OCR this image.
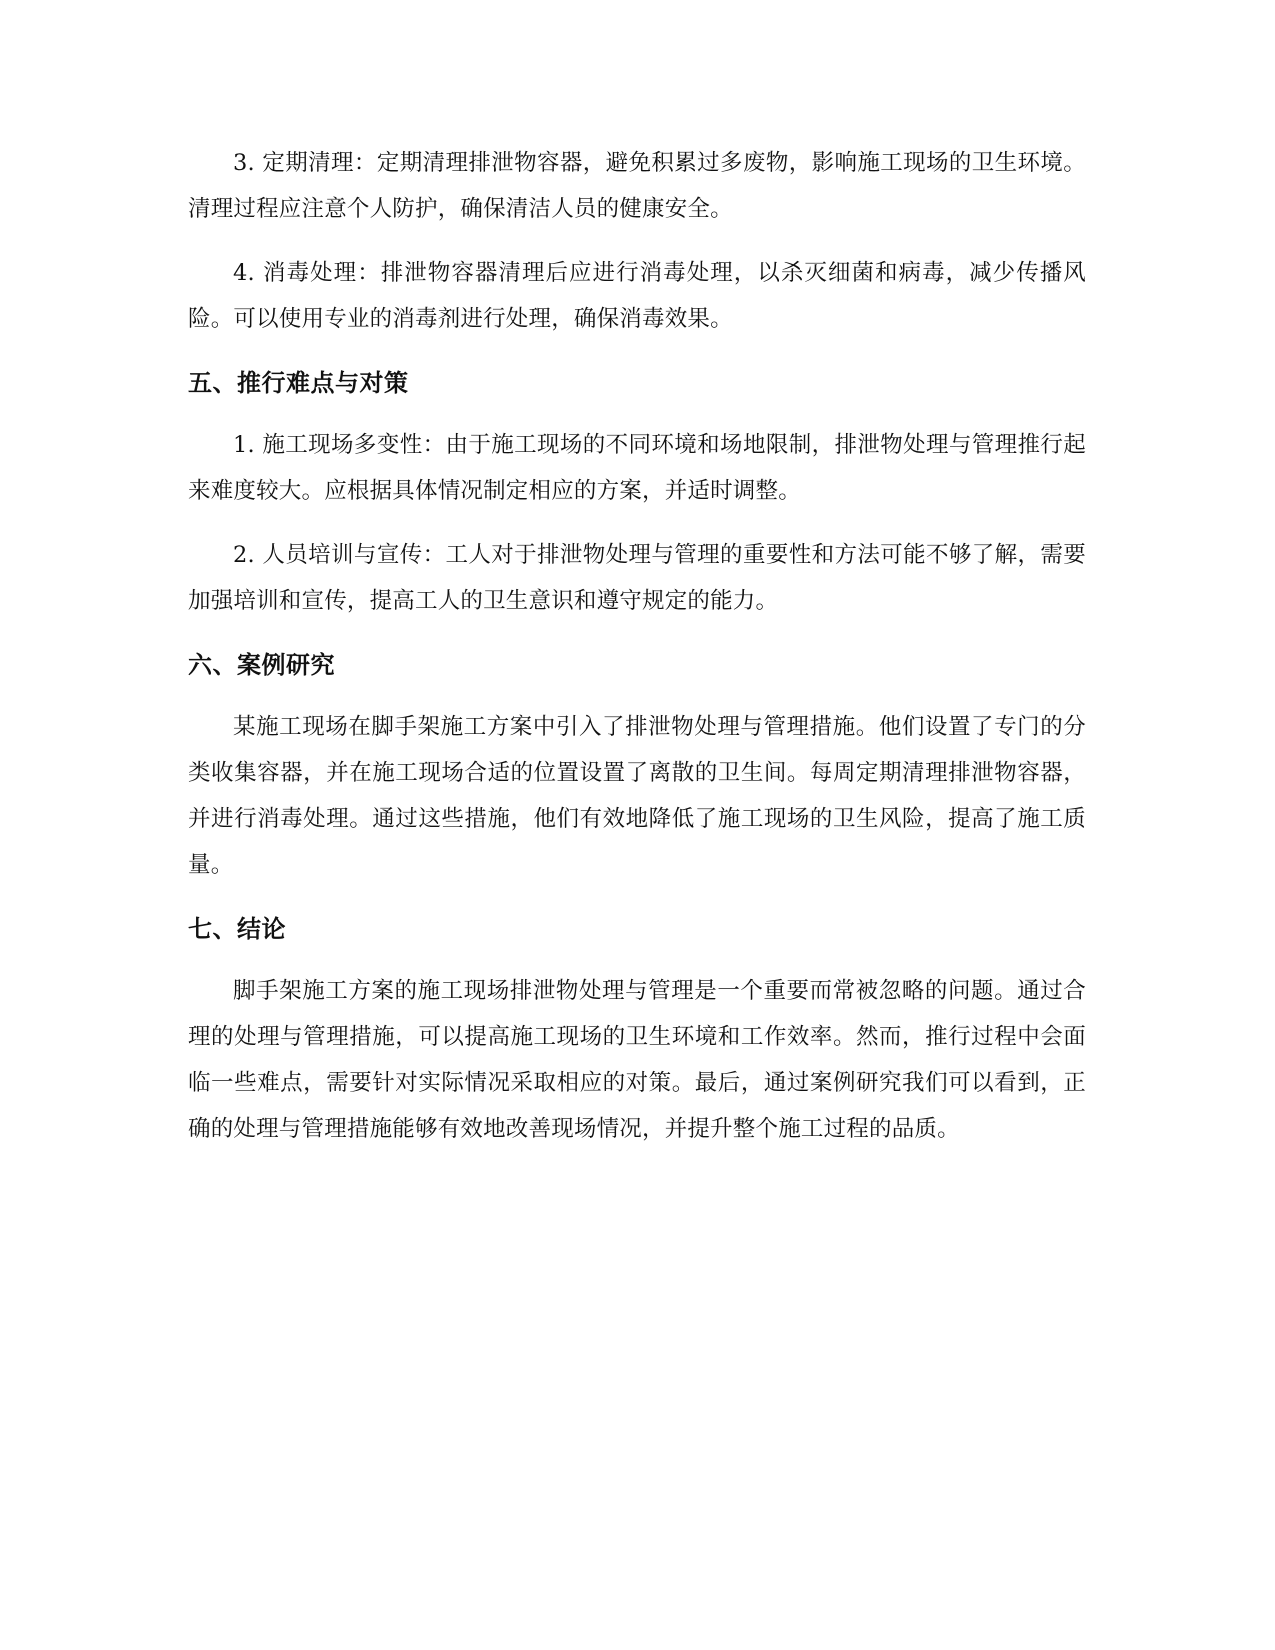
3. 定期清理：定期清理排泄物容器，避免积累过多废物，影响施工现场的卫生环境。清理过程应注意个人防护，确保清洁人员的健康安全。

4. 消毒处理：排泄物容器清理后应进行消毒处理，以杀灭细菌和病毒，减少传播风险。可以使用专业的消毒剂进行处理，确保消毒效果。

五、推行难点与对策

1. 施工现场多变性：由于施工现场的不同环境和场地限制，排泄物处理与管理推行起来难度较大。应根据具体情况制定相应的方案，并适时调整。

2. 人员培训与宣传：工人对于排泄物处理与管理的重要性和方法可能不够了解，需要加强培训和宣传，提高工人的卫生意识和遵守规定的能力。

六、案例研究

某施工现场在脚手架施工方案中引入了排泄物处理与管理措施。他们设置了专门的分类收集容器，并在施工现场合适的位置设置了离散的卫生间。每周定期清理排泄物容器，并进行消毒处理。通过这些措施，他们有效地降低了施工现场的卫生风险，提高了施工质量。

七、结论

脚手架施工方案的施工现场排泄物处理与管理是一个重要而常被忽略的问题。通过合理的处理与管理措施，可以提高施工现场的卫生环境和工作效率。然而，推行过程中会面临一些难点，需要针对实际情况采取相应的对策。最后，通过案例研究我们可以看到，正确的处理与管理措施能够有效地改善现场情况，并提升整个施工过程的品质。
